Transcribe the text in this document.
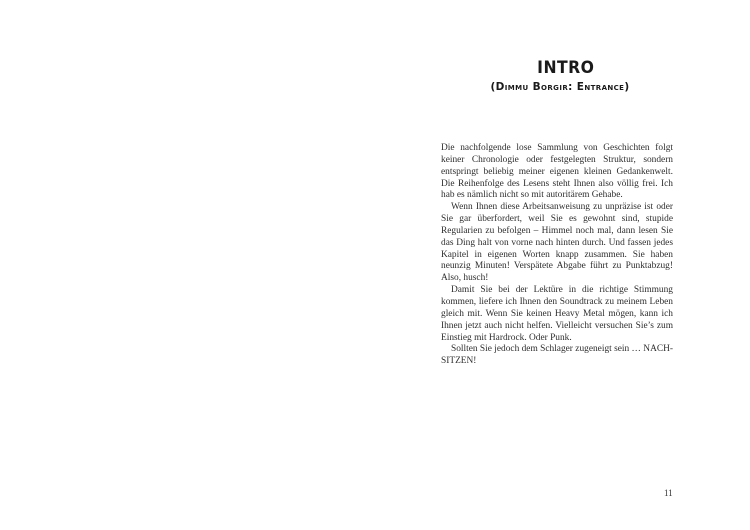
INTRO
(Dimmu Borgir: Entrance)

Die nachfolgende lose Sammlung von Geschichten folgt keiner Chronologie oder festgelegten Struktur, sondern entspringt beliebig meiner eigenen kleinen Gedankenwelt. Die Reihenfolge des Lesens steht Ihnen also völlig frei. Ich hab es nämlich nicht so mit autoritärem Gehabe.

Wenn Ihnen diese Arbeitsanweisung zu unpräzise ist oder Sie gar überfordert, weil Sie es gewohnt sind, stupide Regularien zu befolgen – Himmel noch mal, dann lesen Sie das Ding halt von vorne nach hinten durch. Und fassen jedes Kapitel in eigenen Worten knapp zusammen. Sie haben neunzig Minuten! Verspätete Abgabe führt zu Punktabzug! Also, husch!

Damit Sie bei der Lektüre in die richtige Stimmung kommen, liefere ich Ihnen den Soundtrack zu meinem Leben gleich mit. Wenn Sie keinen Heavy Metal mögen, kann ich Ihnen jetzt auch nicht helfen. Vielleicht versuchen Sie’s zum Einstieg mit Hardrock. Oder Punk.

Sollten Sie jedoch dem Schlager zugeneigt sein … NACHSITZEN!

11
